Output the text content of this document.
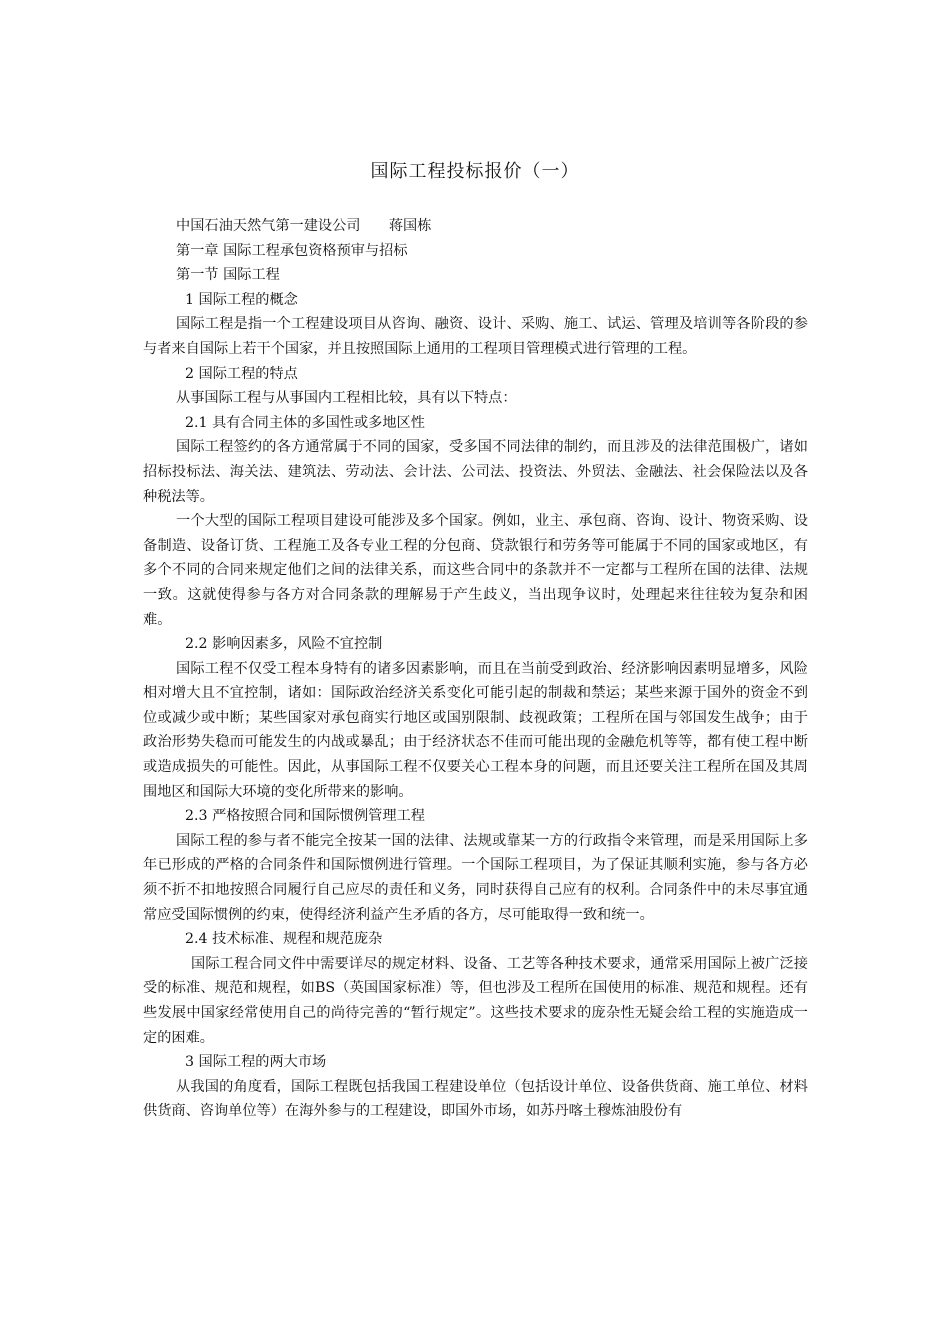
国际工程投标报价（一）

中国石油天然气第一建设公司　　蒋国栋

第一章 国际工程承包资格预审与招标

第一节 国际工程

1 国际工程的概念

国际工程是指一个工程建设项目从咨询、融资、设计、采购、施工、试运、管理及培训等各阶段的参与者来自国际上若干个国家，并且按照国际上通用的工程项目管理模式进行管理的工程。

2 国际工程的特点

从事国际工程与从事国内工程相比较，具有以下特点：

2.1 具有合同主体的多国性或多地区性

国际工程签约的各方通常属于不同的国家，受多国不同法律的制约，而且涉及的法律范围极广，诸如招标投标法、海关法、建筑法、劳动法、会计法、公司法、投资法、外贸法、金融法、社会保险法以及各种税法等。

一个大型的国际工程项目建设可能涉及多个国家。例如，业主、承包商、咨询、设计、物资采购、设备制造、设备订货、工程施工及各专业工程的分包商、贷款银行和劳务等可能属于不同的国家或地区，有多个不同的合同来规定他们之间的法律关系，而这些合同中的条款并不一定都与工程所在国的法律、法规一致。这就使得参与各方对合同条款的理解易于产生歧义，当出现争议时，处理起来往往较为复杂和困难。

2.2 影响因素多，风险不宜控制

国际工程不仅受工程本身特有的诸多因素影响，而且在当前受到政治、经济影响因素明显增多，风险相对增大且不宜控制，诸如：国际政治经济关系变化可能引起的制裁和禁运；某些来源于国外的资金不到位或减少或中断；某些国家对承包商实行地区或国别限制、歧视政策；工程所在国与邻国发生战争；由于政治形势失稳而可能发生的内战或暴乱；由于经济状态不佳而可能出现的金融危机等等，都有使工程中断或造成损失的可能性。因此，从事国际工程不仅要关心工程本身的问题，而且还要关注工程所在国及其周围地区和国际大环境的变化所带来的影响。

2.3 严格按照合同和国际惯例管理工程

国际工程的参与者不能完全按某一国的法律、法规或靠某一方的行政指令来管理，而是采用国际上多年已形成的严格的合同条件和国际惯例进行管理。一个国际工程项目，为了保证其顺利实施，参与各方必须不折不扣地按照合同履行自己应尽的责任和义务，同时获得自己应有的权利。合同条件中的未尽事宜通常应受国际惯例的约束，使得经济利益产生矛盾的各方，尽可能取得一致和统一。

2.4 技术标准、规程和规范庞杂

国际工程合同文件中需要详尽的规定材料、设备、工艺等各种技术要求，通常采用国际上被广泛接受的标准、规范和规程，如BS（英国国家标准）等，但也涉及工程所在国使用的标准、规范和规程。还有些发展中国家经常使用自己的尚待完善的“暂行规定”。这些技术要求的庞杂性无疑会给工程的实施造成一定的困难。

3 国际工程的两大市场

从我国的角度看，国际工程既包括我国工程建设单位（包括设计单位、设备供货商、施工单位、材料供货商、咨询单位等）在海外参与的工程建设，即国外市场，如苏丹喀土穆炼油股份有
